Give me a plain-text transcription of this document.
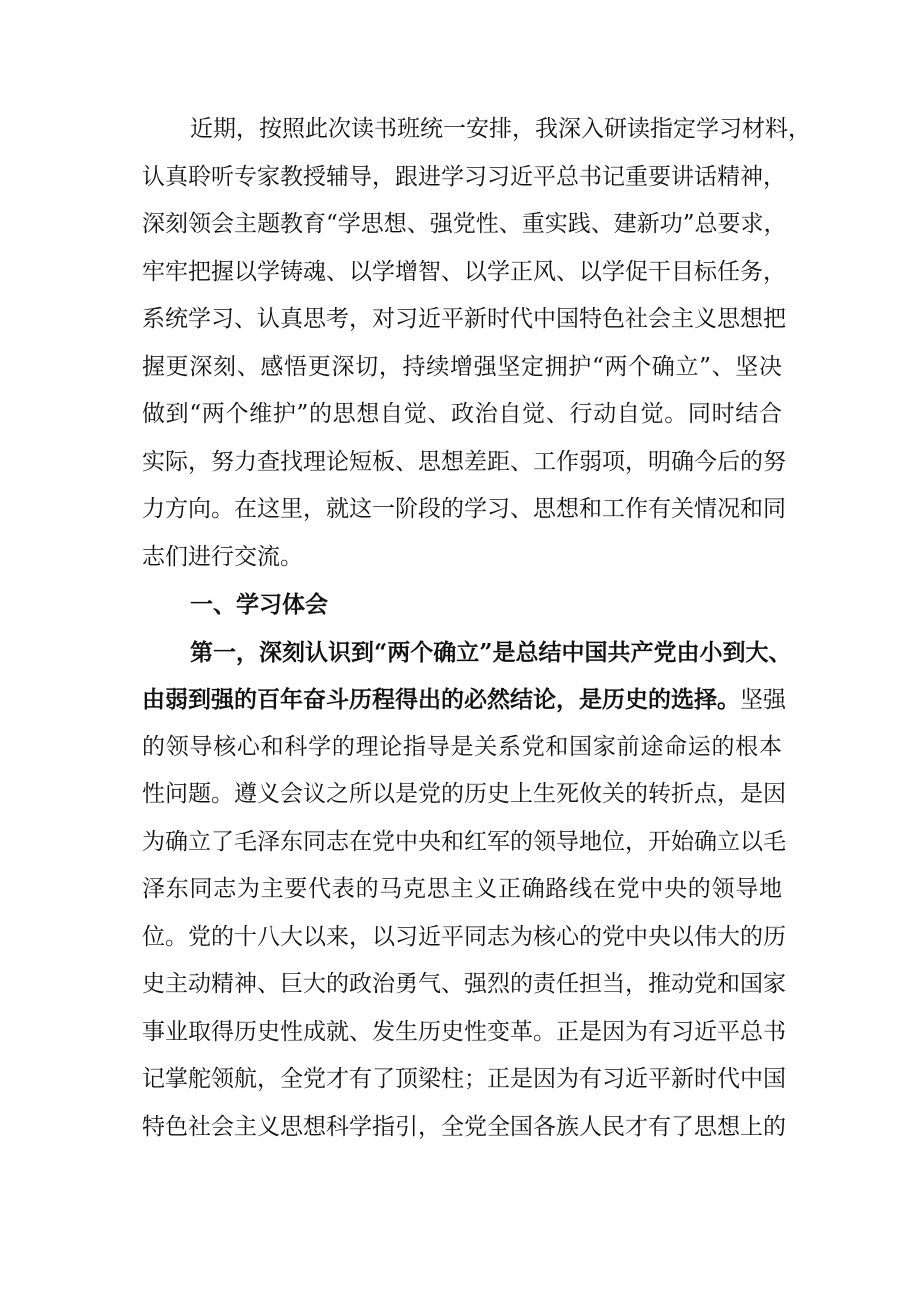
近期，按照此次读书班统一安排，我深入研读指定学习材料，
认真聆听专家教授辅导，跟进学习习近平总书记重要讲话精神，
深刻领会主题教育“学思想、强党性、重实践、建新功”总要求，
牢牢把握以学铸魂、以学增智、以学正风、以学促干目标任务，
系统学习、认真思考，对习近平新时代中国特色社会主义思想把
握更深刻、感悟更深切，持续增强坚定拥护“两个确立”、坚决
做到“两个维护”的思想自觉、政治自觉、行动自觉。同时结合
实际，努力查找理论短板、思想差距、工作弱项，明确今后的努
力方向。在这里，就这一阶段的学习、思想和工作有关情况和同
志们进行交流。
一、学习体会
第一，深刻认识到“两个确立”是总结中国共产党由小到大、
由弱到强的百年奋斗历程得出的必然结论，是历史的选择。坚强
的领导核心和科学的理论指导是关系党和国家前途命运的根本
性问题。遵义会议之所以是党的历史上生死攸关的转折点，是因
为确立了毛泽东同志在党中央和红军的领导地位，开始确立以毛
泽东同志为主要代表的马克思主义正确路线在党中央的领导地
位。党的十八大以来，以习近平同志为核心的党中央以伟大的历
史主动精神、巨大的政治勇气、强烈的责任担当，推动党和国家
事业取得历史性成就、发生历史性变革。正是因为有习近平总书
记掌舵领航，全党才有了顶梁柱；正是因为有习近平新时代中国
特色社会主义思想科学指引，全党全国各族人民才有了思想上的
